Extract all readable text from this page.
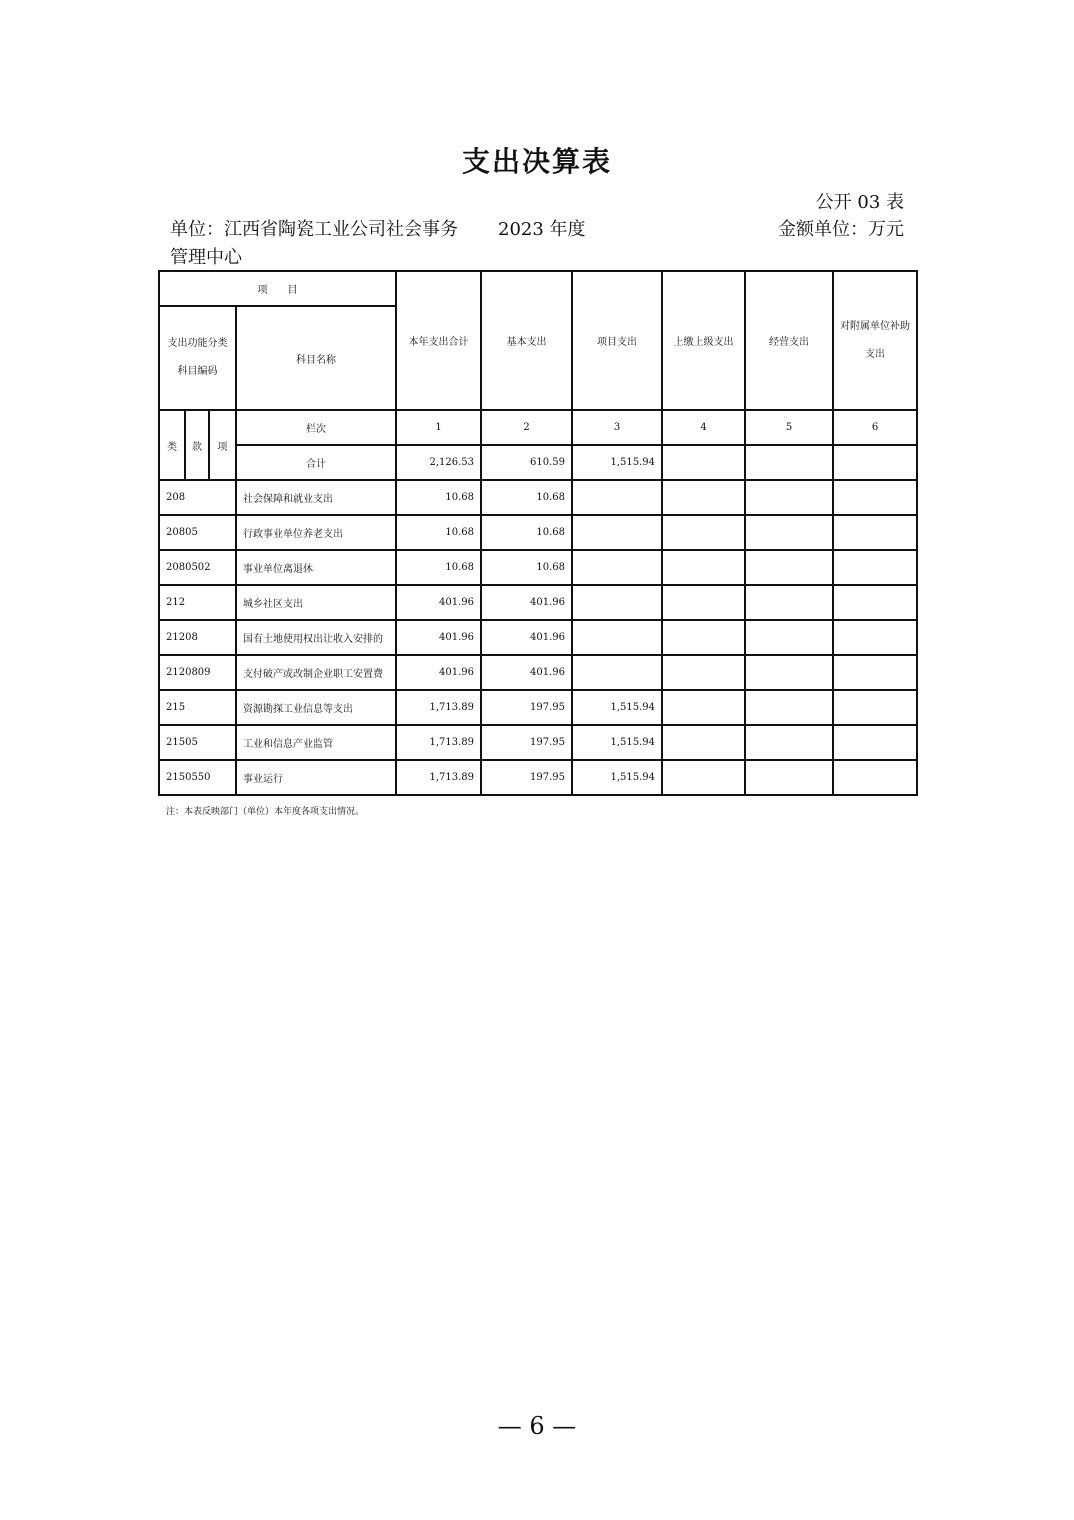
支出决算表
公开 03 表
单位：江西省陶瓷工业公司社会事务管理中心
2023 年度	金额单位：万元
项　　目				本年支出合计	基本支出	项目支出	上缴上级支出	经营支出	对附属单位补助支出
支出功能分类科目编码			科目名称						
类	款	项	栏次	1	2	3	4	5	6
			合计	2,126.53	610.59	1,515.94			
208			社会保障和就业支出	10.68	10.68				
20805			行政事业单位养老支出	10.68	10.68				
2080502			事业单位离退休	10.68	10.68				
212			城乡社区支出	401.96	401.96				
21208			国有土地使用权出让收入安排的	401.96	401.96				
2120809			支付破产或改制企业职工安置费	401.96	401.96				
215			资源勘探工业信息等支出	1,713.89	197.95	1,515.94			
21505			工业和信息产业监管	1,713.89	197.95	1,515.94			
2150550			事业运行	1,713.89	197.95	1,515.94			
注：本表反映部门（单位）本年度各项支出情况。
— 6 —
